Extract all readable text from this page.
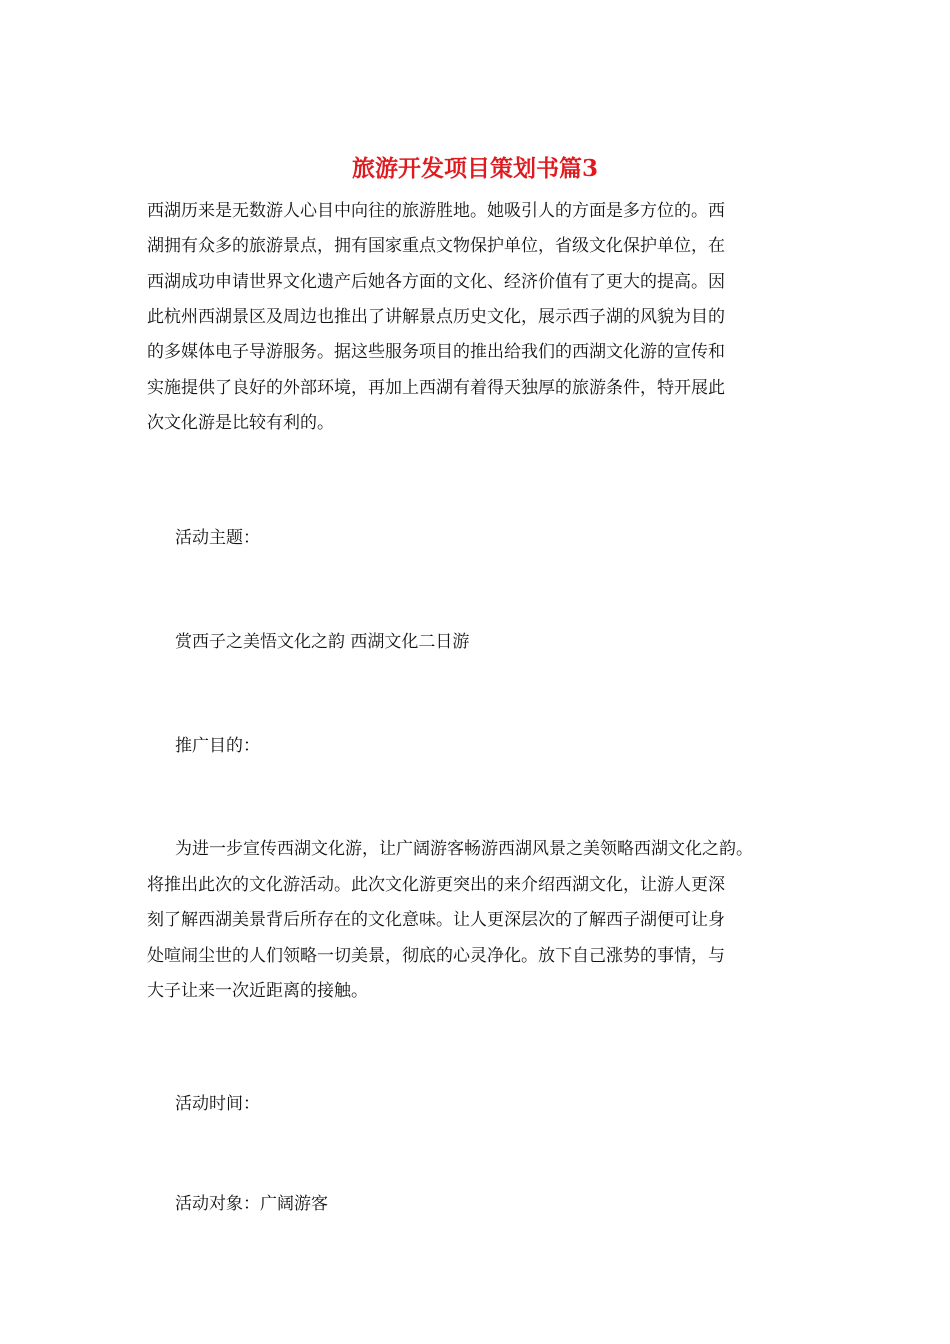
旅游开发项目策划书篇3

西湖历来是无数游人心目中向往的旅游胜地。她吸引人的方面是多方位的。西

湖拥有众多的旅游景点，拥有国家重点文物保护单位，省级文化保护单位，在

西湖成功申请世界文化遗产后她各方面的文化、经济价值有了更大的提高。因

此杭州西湖景区及周边也推出了讲解景点历史文化，展示西子湖的风貌为目的

的多媒体电子导游服务。据这些服务项目的推出给我们的西湖文化游的宣传和

实施提供了良好的外部环境，再加上西湖有着得天独厚的旅游条件，特开展此

次文化游是比较有利的。

活动主题：

赏西子之美悟文化之韵 西湖文化二日游

推广目的：

为进一步宣传西湖文化游，让广阔游客畅游西湖风景之美领略西湖文化之韵。

将推出此次的文化游活动。此次文化游更突出的来介绍西湖文化，让游人更深

刻了解西湖美景背后所存在的文化意味。让人更深层次的了解西子湖便可让身

处喧闹尘世的人们领略一切美景，彻底的心灵净化。放下自己涨势的事情，与

大子让来一次近距离的接触。

活动时间：

活动对象：广阔游客
